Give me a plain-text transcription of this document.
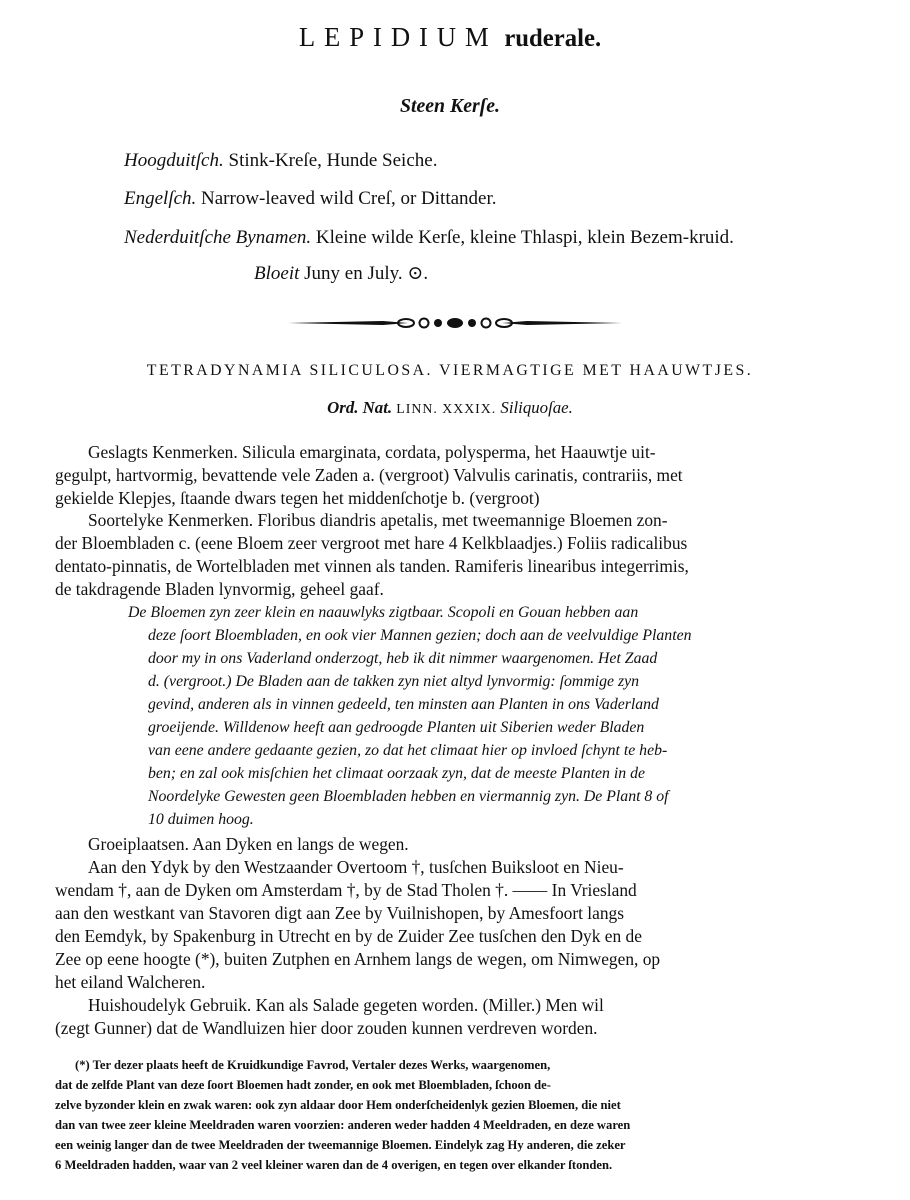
LEPIDIUM ruderale.
Steen Kerſe.
Hoogduitſch. Stink-Kreſe, Hunde Seiche.
Engelſch. Narrow-leaved wild Creſ, or Dittander.
Nederduitſche Bynamen. Kleine wilde Kerſe, kleine Thlaspi, klein Bezem-kruid.
Bloeit Juny en July. ⊙.
TETRADYNAMIA SILICULOSA. VIERMAGTIGE MET HAAUWTJES.
Ord. Nat. LINN. XXXIX. Siliquoſae.
Geslagts Kenmerken. Silicula emarginata, cordata, polysperma, het Haauwtje uit-
gegulpt, hartvormig, bevattende vele Zaden a. (vergroot) Valvulis carinatis, contrariis, met
gekielde Klepjes, ſtaande dwars tegen het middenſchotje b. (vergroot)
Soortelyke Kenmerken. Floribus diandris apetalis, met tweemannige Bloemen zon-
der Bloembladen c. (eene Bloem zeer vergroot met hare 4 Kelkblaadjes.) Foliis radicalibus
dentato-pinnatis, de Wortelbladen met vinnen als tanden. Ramiferis linearibus integerrimis,
de takdragende Bladen lynvormig, geheel gaaf.
De Bloemen zyn zeer klein en naauwlyks zigtbaar. Scopoli en Gouan hebben aan
deze ſoort Bloembladen, en ook vier Mannen gezien; doch aan de veelvuldige Planten
door my in ons Vaderland onderzogt, heb ik dit nimmer waargenomen. Het Zaad
d. (vergroot.) De Bladen aan de takken zyn niet altyd lynvormig: ſommige zyn
gevind, anderen als in vinnen gedeeld, ten minsten aan Planten in ons Vaderland
groeijende. Willdenow heeft aan gedroogde Planten uit Siberien weder Bladen
van eene andere gedaante gezien, zo dat het climaat hier op invloed ſchynt te heb-
ben; en zal ook misſchien het climaat oorzaak zyn, dat de meeste Planten in de
Noordelyke Gewesten geen Bloembladen hebben en viermannig zyn. De Plant 8 of
10 duimen hoog.
Groeiplaatsen. Aan Dyken en langs de wegen.
Aan den Ydyk by den Westzaander Overtoom †, tusſchen Buiksloot en Nieu-
wendam †, aan de Dyken om Amsterdam †, by de Stad Tholen †. —— In Vriesland
aan den westkant van Stavoren digt aan Zee by Vuilnishopen, by Amesfoort langs
den Eemdyk, by Spakenburg in Utrecht en by de Zuider Zee tusſchen den Dyk en de
Zee op eene hoogte (*), buiten Zutphen en Arnhem langs de wegen, om Nimwegen, op
het eiland Walcheren.
Huishoudelyk Gebruik. Kan als Salade gegeten worden. (Miller.) Men wil
(zegt Gunner) dat de Wandluizen hier door zouden kunnen verdreven worden.
(*) Ter dezer plaats heeft de Kruidkundige Favrod, Vertaler dezes Werks, waargenomen,
dat de zelfde Plant van deze ſoort Bloemen hadt zonder, en ook met Bloembladen, ſchoon de-
zelve byzonder klein en zwak waren: ook zyn aldaar door Hem onderſcheidenlyk gezien Bloemen, die niet
dan van twee zeer kleine Meeldraden waren voorzien: anderen weder hadden 4 Meeldraden, en deze waren
een weinig langer dan de twee Meeldraden der tweemannige Bloemen. Eindelyk zag Hy anderen, die zeker
6 Meeldraden hadden, waar van 2 veel kleiner waren dan de 4 overigen, en tegen over elkander ſtonden.
